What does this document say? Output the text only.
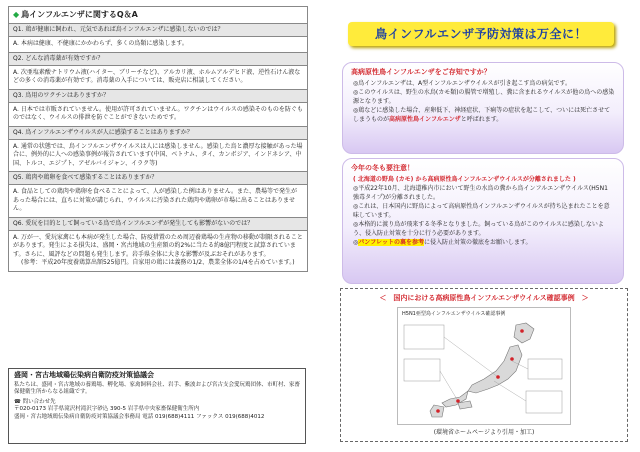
◆ 鳥インフルエンザに関するQ＆A
Q1. 鶏が健康に飼われ、元気であれば鳥インフルエンザに感染しないのでは？
A. 本病は健康、不健康にかかわらず、多くの鳥類に感染します。
Q2. どんな消毒薬が有効ですか？
A. 次亜塩素酸ナトリウム液(ハイター、ブリーチなど)、アルカリ液、ホルムアルデヒド液、逆性石けん液などの多くの消毒薬が有効です。消毒薬の入手については、販売店に相談してください。
Q3. 鳥用のワクチンはありますか？
A. 日本では市販されていません。使用が許可されていません。ワクチンはウイルスの感染そのものを防ぐものではなく、ウイルスの排泄を防ぐことができないためです。
Q4. 鳥インフルエンザウイルスが人に感染することはありますか？
A. 通常の状態では、鳥インフルエンザウイルスは人には感染しません。感染した鳥と濃厚な接触があった場合に、例外的に人への感染事例が報告されています(中国、ベトナム、タイ、カンボジア、インドネシア、中国、トルコ、エジプト、アゼルバイジャン、イラク等)
Q5. 鶏肉や鶏卵を食べて感染することはありますか？
A. 食品としての鶏肉や鶏卵を食べることによって、人が感染した例はありません。また、農場等で発生があった場合には、直ちに対策が講じられ、ウイルスに汚染された鶏肉や鶏卵が市場に出ることはありません。
Q6. 愛玩を目的として飼っている鳥で鳥インフルエンザが発生しても影響がないのでは？
A. 万が一、愛玩家禽にも本病が発生した場合、防疫措置のため周辺養鶏場の生産物の移動が制限されることがあります。発生による損失は、盛岡・宮古地域の生産額の約2%に当たる約8億円程度と試算されています。さらに、風評などの問題も発生します。岩手県全体に大きな影響が及ぶおそれがあります。
(参考：平成20年度養鶏算出額525億円。自家用の鶏には義務の1/2、農業全体の1/4を占めています。)
盛岡・宮古地域鶏伝染病自衛防疫対策協議会
私たちは、盛岡・宮古地域の養鶏場、孵化場、家禽飼料会社、岩手、紫波および宮古支会愛玩鶏団体、市町村、家畜保健衛生所からなる組織です。
☎ 問い合わせ先
〒020-0173 岩手県滝沢村滝沢字砂込 390-5 岩手県中央家畜保健衛生所内
盛岡・宮古地域鶏伝染病自衛防疫対策協議会事務局 電話 019(688)4111 ファックス 019(688)4012
鳥インフルエンザ予防対策は万全に！
高病原性鳥インフルエンザをご存知ですか？
◎鳥インフルエンザは、A型インフルエンザウイルスが引き起こす鳥の病気です。
◎このウイルスは、野生の水鳥(カモ類)の腸管で増殖し、糞に含まれるウイルスが他の鳥への感染源となります。
◎鶏などに感染した場合、産卵低下、神経症状、下痢等の症状を起こして、ついには死亡させてしまうものが高病原性鳥インフルエンザと呼ばれます。
今年の冬も要注意！
( 北海道の野鳥 (カモ) から高病原性鳥インフルエンザウイルスが分離されました )
◎平成22年10月、北海道稚内市において野生の水鳥の糞から鳥インフルエンザウイルス(H5N1 強毒タイプ)が分離されました。
◎これは、日本国内に野鳥によって高病原性鳥インフルエンザウイルスが持ち込まれたことを意味しています。
◎本格的に渡り鳥が飛来する冬季となりました。飼っている鳥がこのウイルスに感染しないよう、侵入防止対策を十分に行う必要があります。
◎パンフレットの裏を参考に侵入防止対策の徹底をお願いします。
＜　国内における高病原性鳥インフルエンザウイルス確認事例　＞
H5N1亜型鳥インフルエンザウイルス確認事例
(環境省ホームページより引用・加工)
